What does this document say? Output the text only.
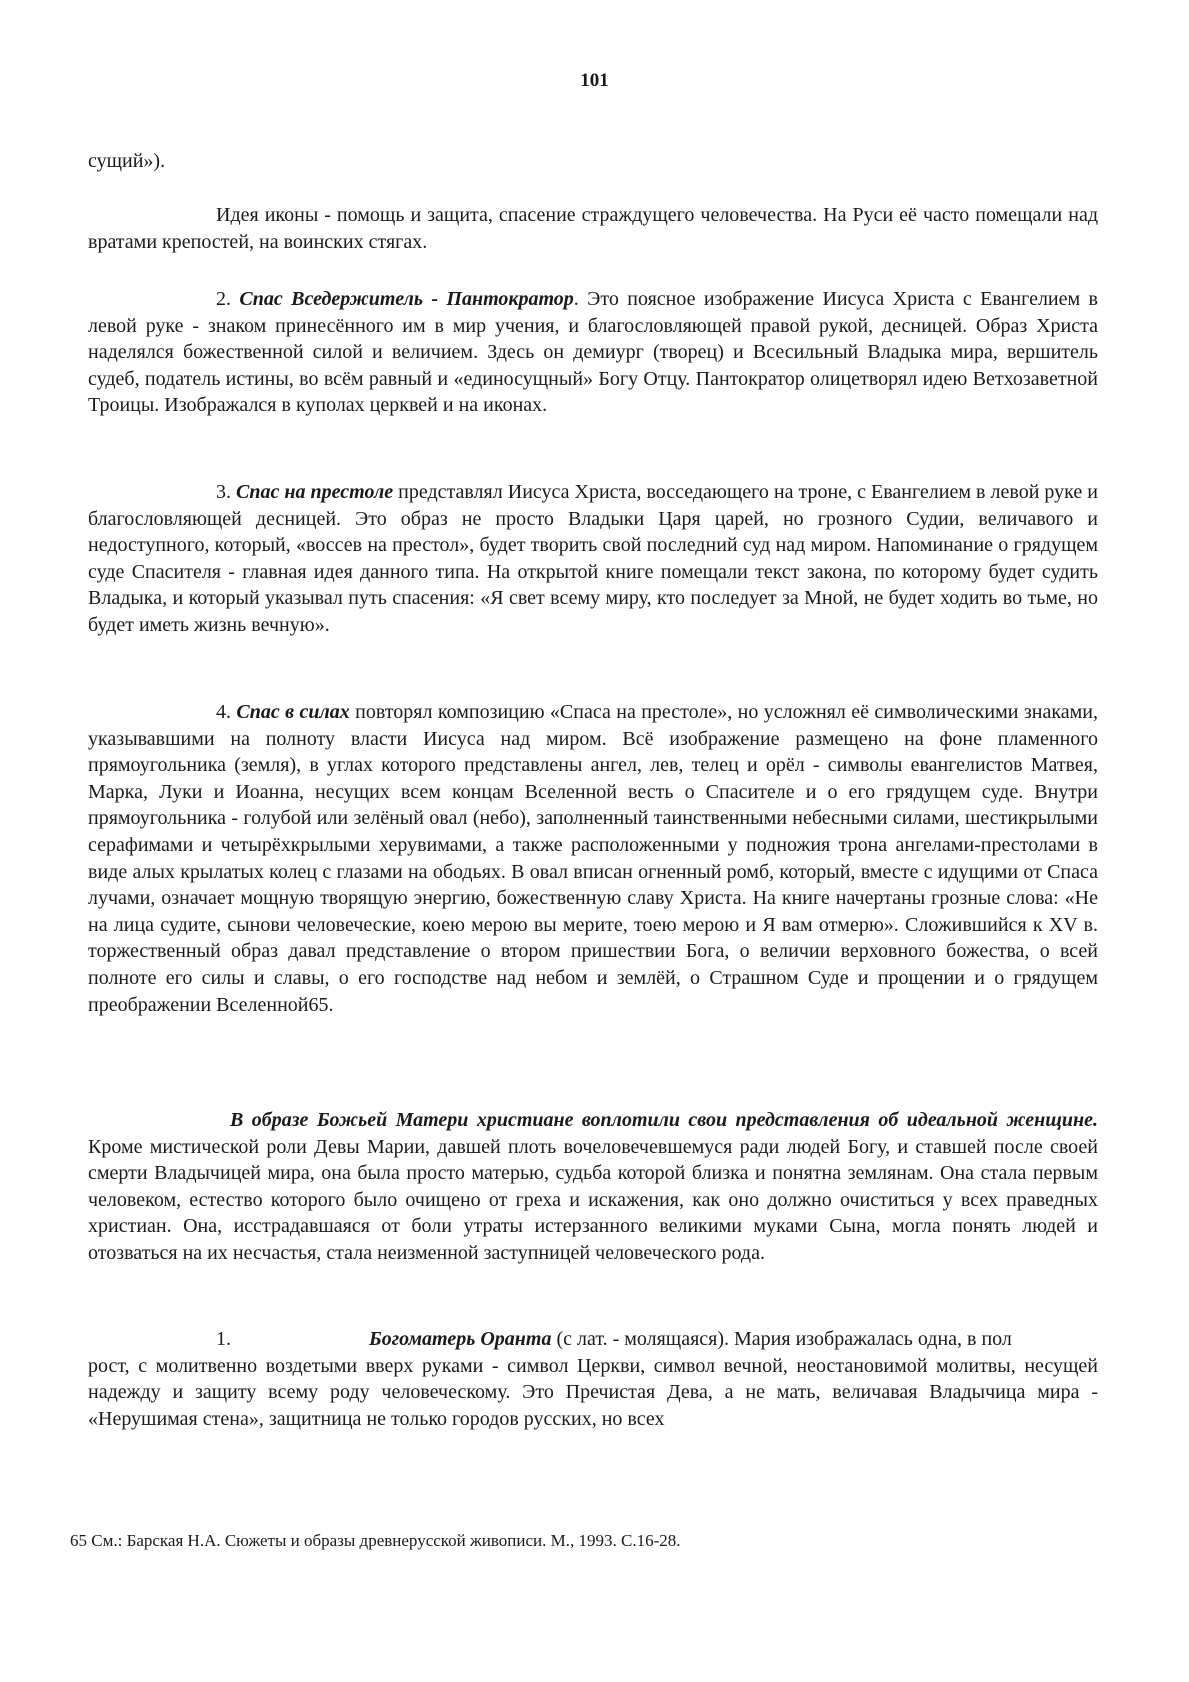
101

сущий»).

Идея иконы - помощь и защита, спасение страждущего человечества. На Руси её часто помещали над вратами крепостей, на воинских стягах.

2. Спас Вседержитель - Пантократор. Это поясное изображение Иисуса Христа с Евангелием в левой руке - знаком принесённого им в мир учения, и благословляющей правой рукой, десницей. Образ Христа наделялся божественной силой и величием. Здесь он демиург (творец) и Всесильный Владыка мира, вершитель судеб, податель истины, во всём равный и «единосущный» Богу Отцу. Пантократор олицетворял идею Ветхозаветной Троицы. Изображался в куполах церквей и на иконах.

3. Спас на престоле представлял Иисуса Христа, восседающего на троне, с Евангелием в левой руке и благословляющей десницей. Это образ не просто Владыки Царя царей, но грозного Судии, величавого и недоступного, который, «воссев на престол», будет творить свой последний суд над миром. Напоминание о грядущем суде Спасителя - главная идея данного типа. На открытой книге помещали текст закона, по которому будет судить Владыка, и который указывал путь спасения: «Я свет всему миру, кто последует за Мной, не будет ходить во тьме, но будет иметь жизнь вечную».

4. Спас в силах повторял композицию «Спаса на престоле», но усложнял её символическими знаками, указывавшими на полноту власти Иисуса над миром. Всё изображение размещено на фоне пламенного прямоугольника (земля), в углах которого представлены ангел, лев, телец и орёл - символы евангелистов Матвея, Марка, Луки и Иоанна, несущих всем концам Вселенной весть о Спасителе и о его грядущем суде. Внутри прямоугольника - голубой или зелёный овал (небо), заполненный таинственными небесными силами, шестикрылыми серафимами и четырёхкрылыми херувимами, а также расположенными у подножия трона ангелами-престолами в виде алых крылатых колец с глазами на ободьях. В овал вписан огненный ромб, который, вместе с идущими от Спаса лучами, означает мощную творящую энергию, божественную славу Христа. На книге начертаны грозные слова: «Не на лица судите, сынови человеческие, коею мерою вы мерите, тоею мерою и Я вам отмерю». Сложившийся к XV в. торжественный образ давал представление о втором пришествии Бога, о величии верховного божества, о всей полноте его силы и славы, о его господстве над небом и землёй, о Страшном Суде и прощении и о грядущем преображении Вселенной65.

В образе Божьей Матери христиане воплотили свои представления об идеальной женщине. Кроме мистической роли Девы Марии, давшей плоть вочеловечевшемуся ради людей Богу, и ставшей после своей смерти Владычицей мира, она была просто матерью, судьба которой близка и понятна землянам. Она стала первым человеком, естество которого было очищено от греха и искажения, как оно должно очиститься у всех праведных христиан. Она, исстрадавшаяся от боли утраты истерзанного великими муками Сына, могла понять людей и отозваться на их несчастья, стала неизменной заступницей человеческого рода.

1.	Богоматерь Оранта (с лат. - молящаяся). Мария изображалась одна, в пол
рост, с молитвенно воздетыми вверх руками - символ Церкви, символ вечной, неостановимой молитвы, несущей надежду и защиту всему роду человеческому. Это Пречистая Дева, а не мать, величавая Владычица мира - «Нерушимая стена», защитница не только городов русских, но всех

65 См.: Барская Н.А. Сюжеты и образы древнерусской живописи. М., 1993. С.16-28.
